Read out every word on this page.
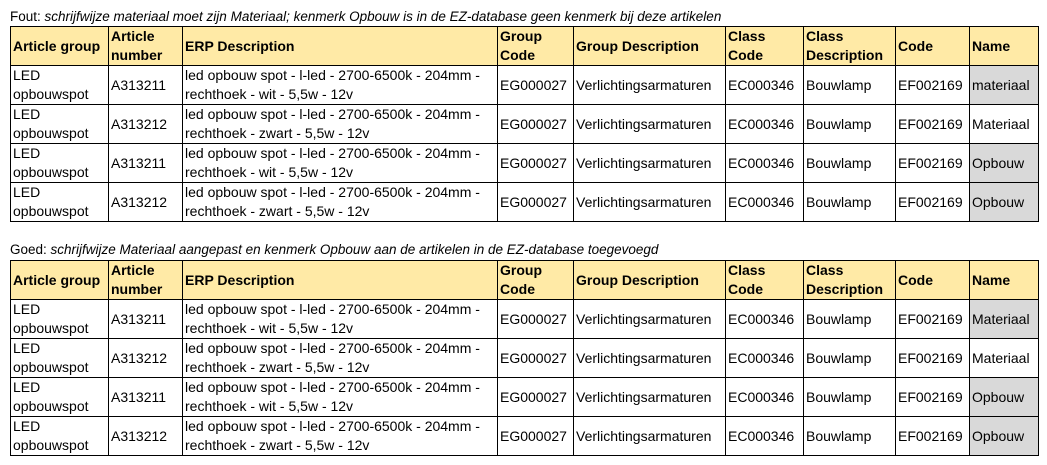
Fout: schrijfwijze materiaal moet zijn Materiaal; kenmerk Opbouw is in de EZ-database geen kenmerk bij deze artikelen
Article group	Article number	ERP Description	Group Code	Group Description	Class Code	Class Description	Code	Name
LED opbouwspot	A313211	led opbouw spot - l-led - 2700-6500k - 204mm - rechthoek - wit - 5,5w - 12v	EG000027	Verlichtingsarmaturen	EC000346	Bouwlamp	EF002169	materiaal
LED opbouwspot	A313212	led opbouw spot - l-led - 2700-6500k - 204mm - rechthoek - zwart - 5,5w - 12v	EG000027	Verlichtingsarmaturen	EC000346	Bouwlamp	EF002169	Materiaal
LED opbouwspot	A313211	led opbouw spot - l-led - 2700-6500k - 204mm - rechthoek - wit - 5,5w - 12v	EG000027	Verlichtingsarmaturen	EC000346	Bouwlamp	EF002169	Opbouw
LED opbouwspot	A313212	led opbouw spot - l-led - 2700-6500k - 204mm - rechthoek - zwart - 5,5w - 12v	EG000027	Verlichtingsarmaturen	EC000346	Bouwlamp	EF002169	Opbouw
Goed: schrijfwijze Materiaal aangepast en kenmerk Opbouw aan de artikelen in de EZ-database toegevoegd
Article group	Article number	ERP Description	Group Code	Group Description	Class Code	Class Description	Code	Name
LED opbouwspot	A313211	led opbouw spot - l-led - 2700-6500k - 204mm - rechthoek - wit - 5,5w - 12v	EG000027	Verlichtingsarmaturen	EC000346	Bouwlamp	EF002169	Materiaal
LED opbouwspot	A313212	led opbouw spot - l-led - 2700-6500k - 204mm - rechthoek - zwart - 5,5w - 12v	EG000027	Verlichtingsarmaturen	EC000346	Bouwlamp	EF002169	Materiaal
LED opbouwspot	A313211	led opbouw spot - l-led - 2700-6500k - 204mm - rechthoek - wit - 5,5w - 12v	EG000027	Verlichtingsarmaturen	EC000346	Bouwlamp	EF002169	Opbouw
LED opbouwspot	A313212	led opbouw spot - l-led - 2700-6500k - 204mm - rechthoek - zwart - 5,5w - 12v	EG000027	Verlichtingsarmaturen	EC000346	Bouwlamp	EF002169	Opbouw
